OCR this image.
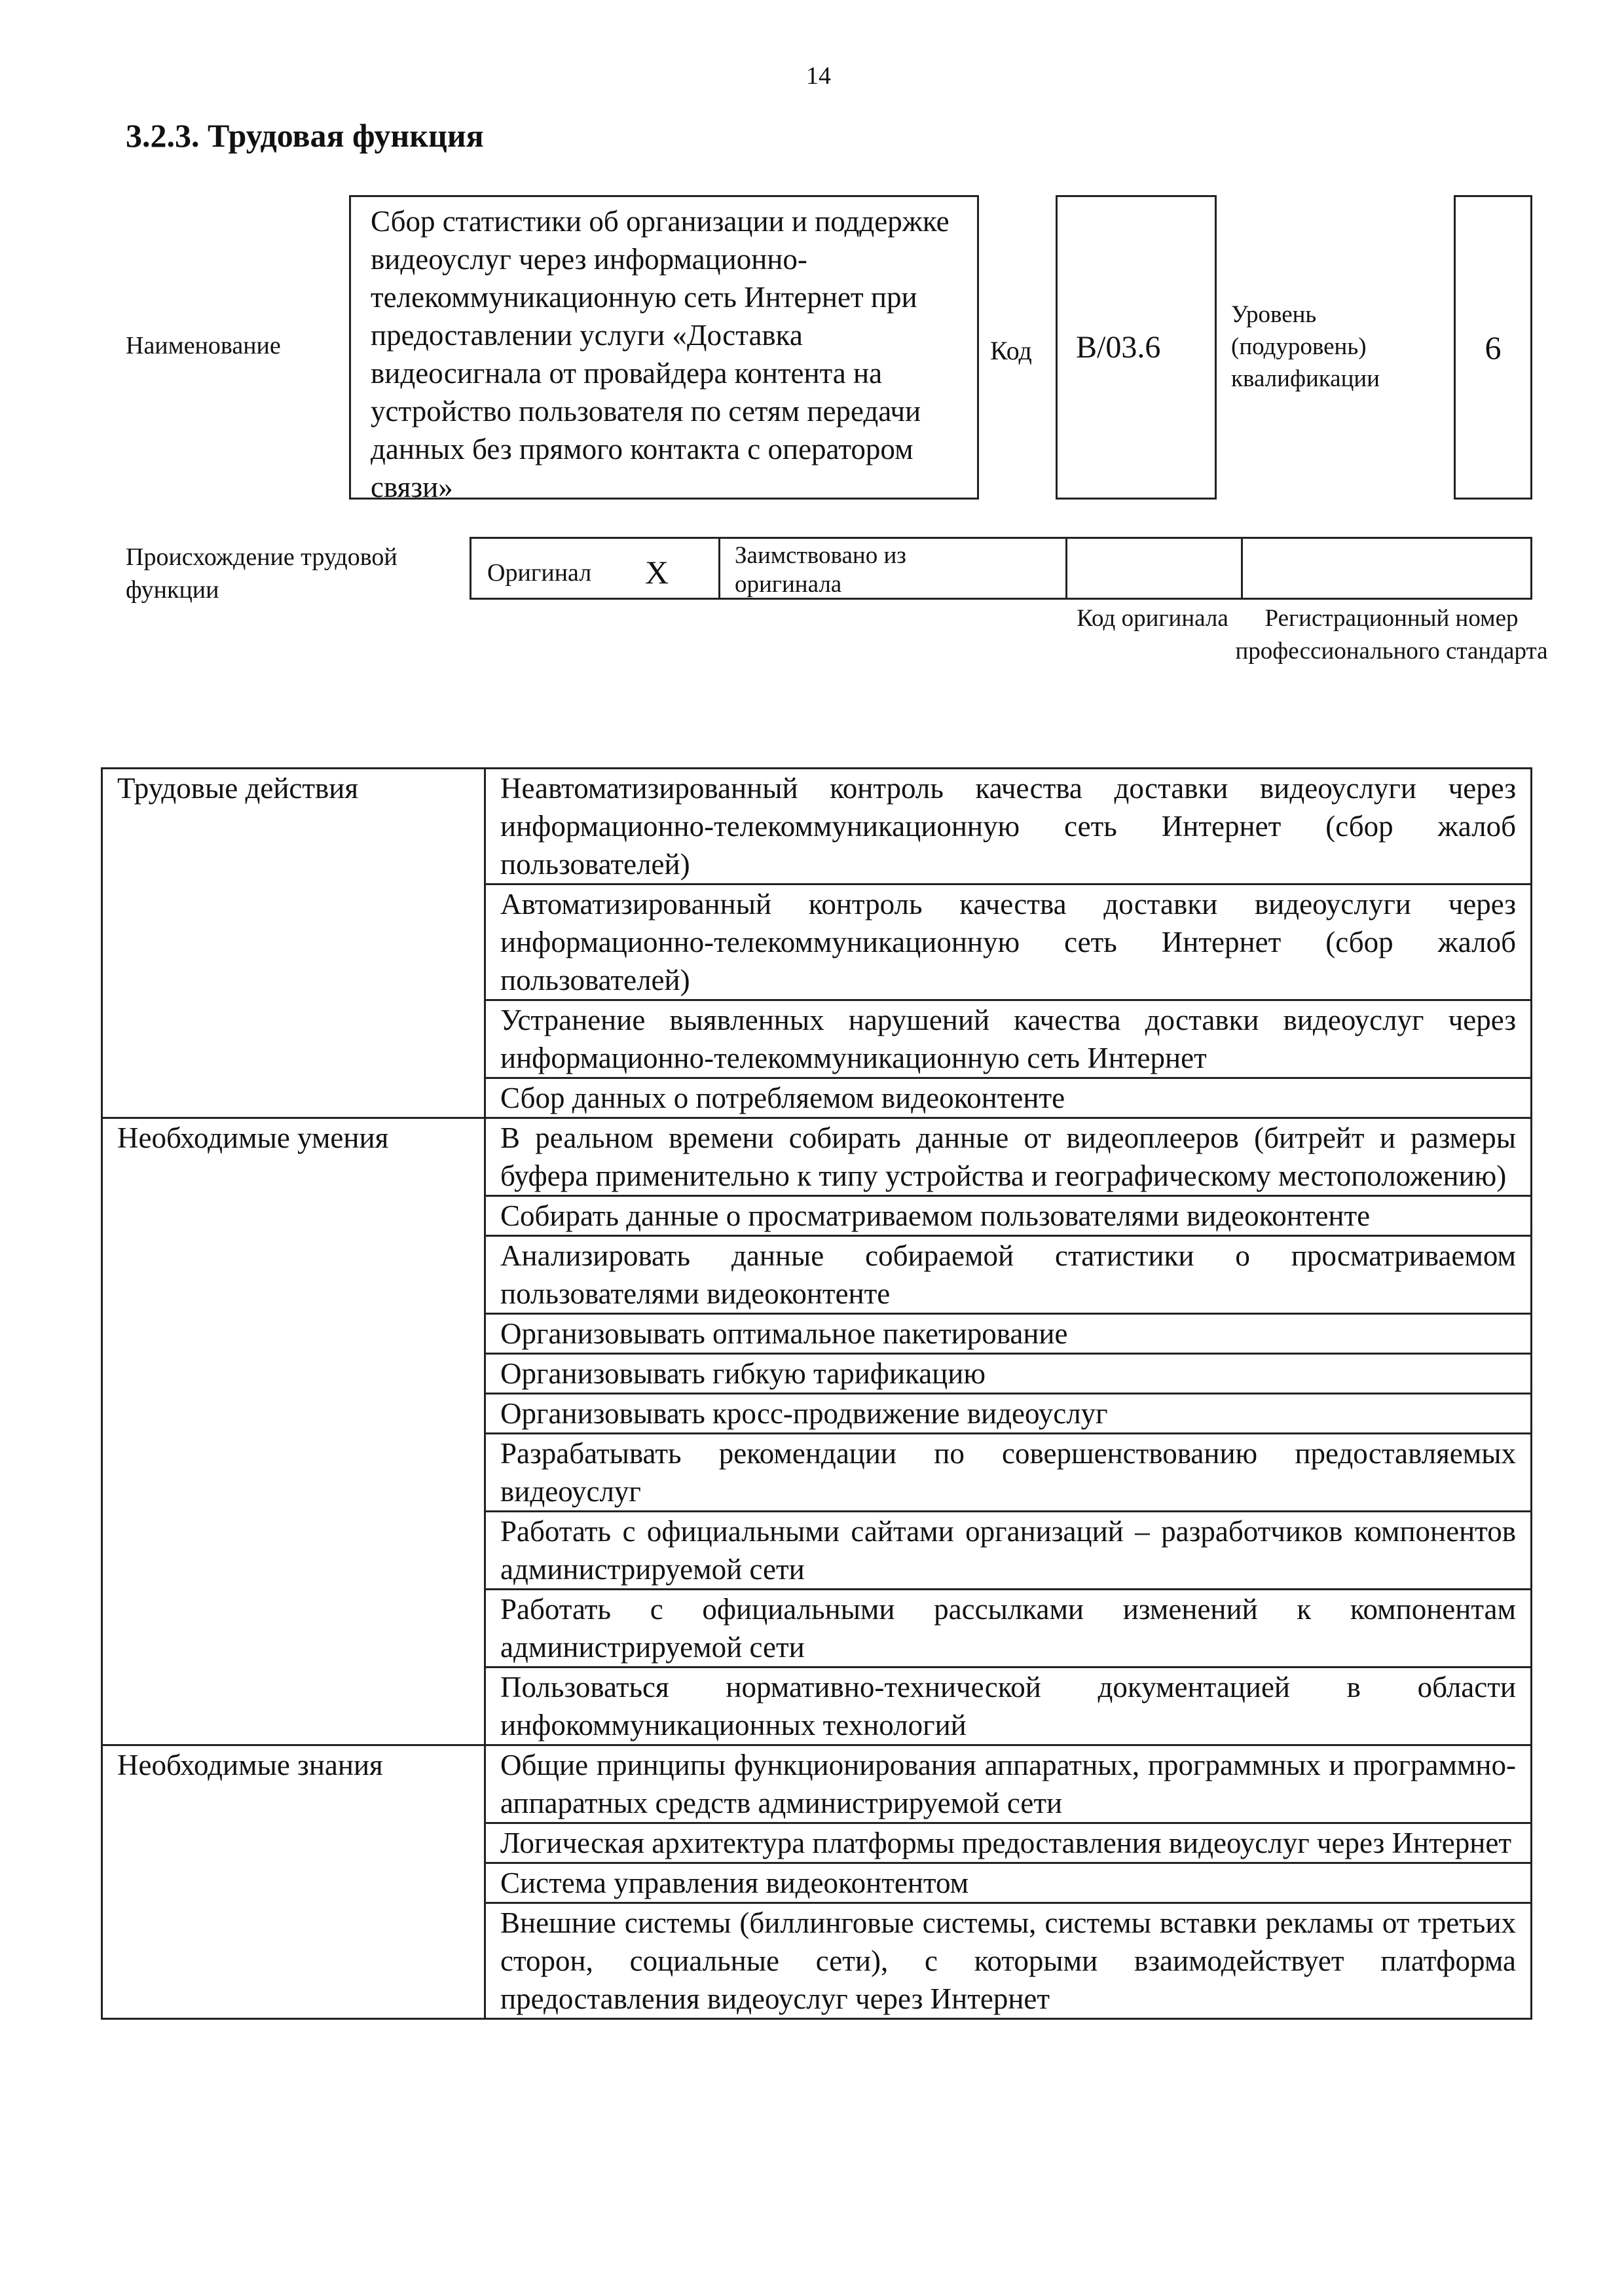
14
3.2.3. Трудовая функция
Наименование
Сбор статистики об организации и поддержке видеоуслуг через информационно-телекоммуникационную сеть Интернет при предоставлении услуги «Доставка видеосигнала от провайдера контента на устройство пользователя по сетям передачи данных без прямого контакта с оператором связи»
Код B/03.6
Уровень (подуровень) квалификации
6
Происхождение трудовой функции
Оригинал X	Заимствовано из оригинала
Код оригинала	Регистрационный номер профессионального стандарта
Трудовые действия	Неавтоматизированный контроль качества доставки видеоуслуги через информационно-телекоммуникационную сеть Интернет (сбор жалоб пользователей)
	Автоматизированный контроль качества доставки видеоуслуги через информационно-телекоммуникационную сеть Интернет (сбор жалоб пользователей)
	Устранение выявленных нарушений качества доставки видеоуслуг через информационно-телекоммуникационную сеть Интернет
	Сбор данных о потребляемом видеоконтенте
Необходимые умения	В реальном времени собирать данные от видеоплееров (битрейт и размеры буфера применительно к типу устройства и географическому местоположению)
	Собирать данные о просматриваемом пользователями видеоконтенте
	Анализировать данные собираемой статистики о просматриваемом пользователями видеоконтенте
	Организовывать оптимальное пакетирование
	Организовывать гибкую тарификацию
	Организовывать кросс-продвижение видеоуслуг
	Разрабатывать рекомендации по совершенствованию предоставляемых видеоуслуг
	Работать с официальными сайтами организаций – разработчиков компонентов администрируемой сети
	Работать с официальными рассылками изменений к компонентам администрируемой сети
	Пользоваться нормативно-технической документацией в области инфокоммуникационных технологий
Необходимые знания	Общие принципы функционирования аппаратных, программных и программно-аппаратных средств администрируемой сети
	Логическая архитектура платформы предоставления видеоуслуг через Интернет
	Система управления видеоконтентом
	Внешние системы (биллинговые системы, системы вставки рекламы от третьих сторон, социальные сети), с которыми взаимодействует платформа предоставления видеоуслуг через Интернет
